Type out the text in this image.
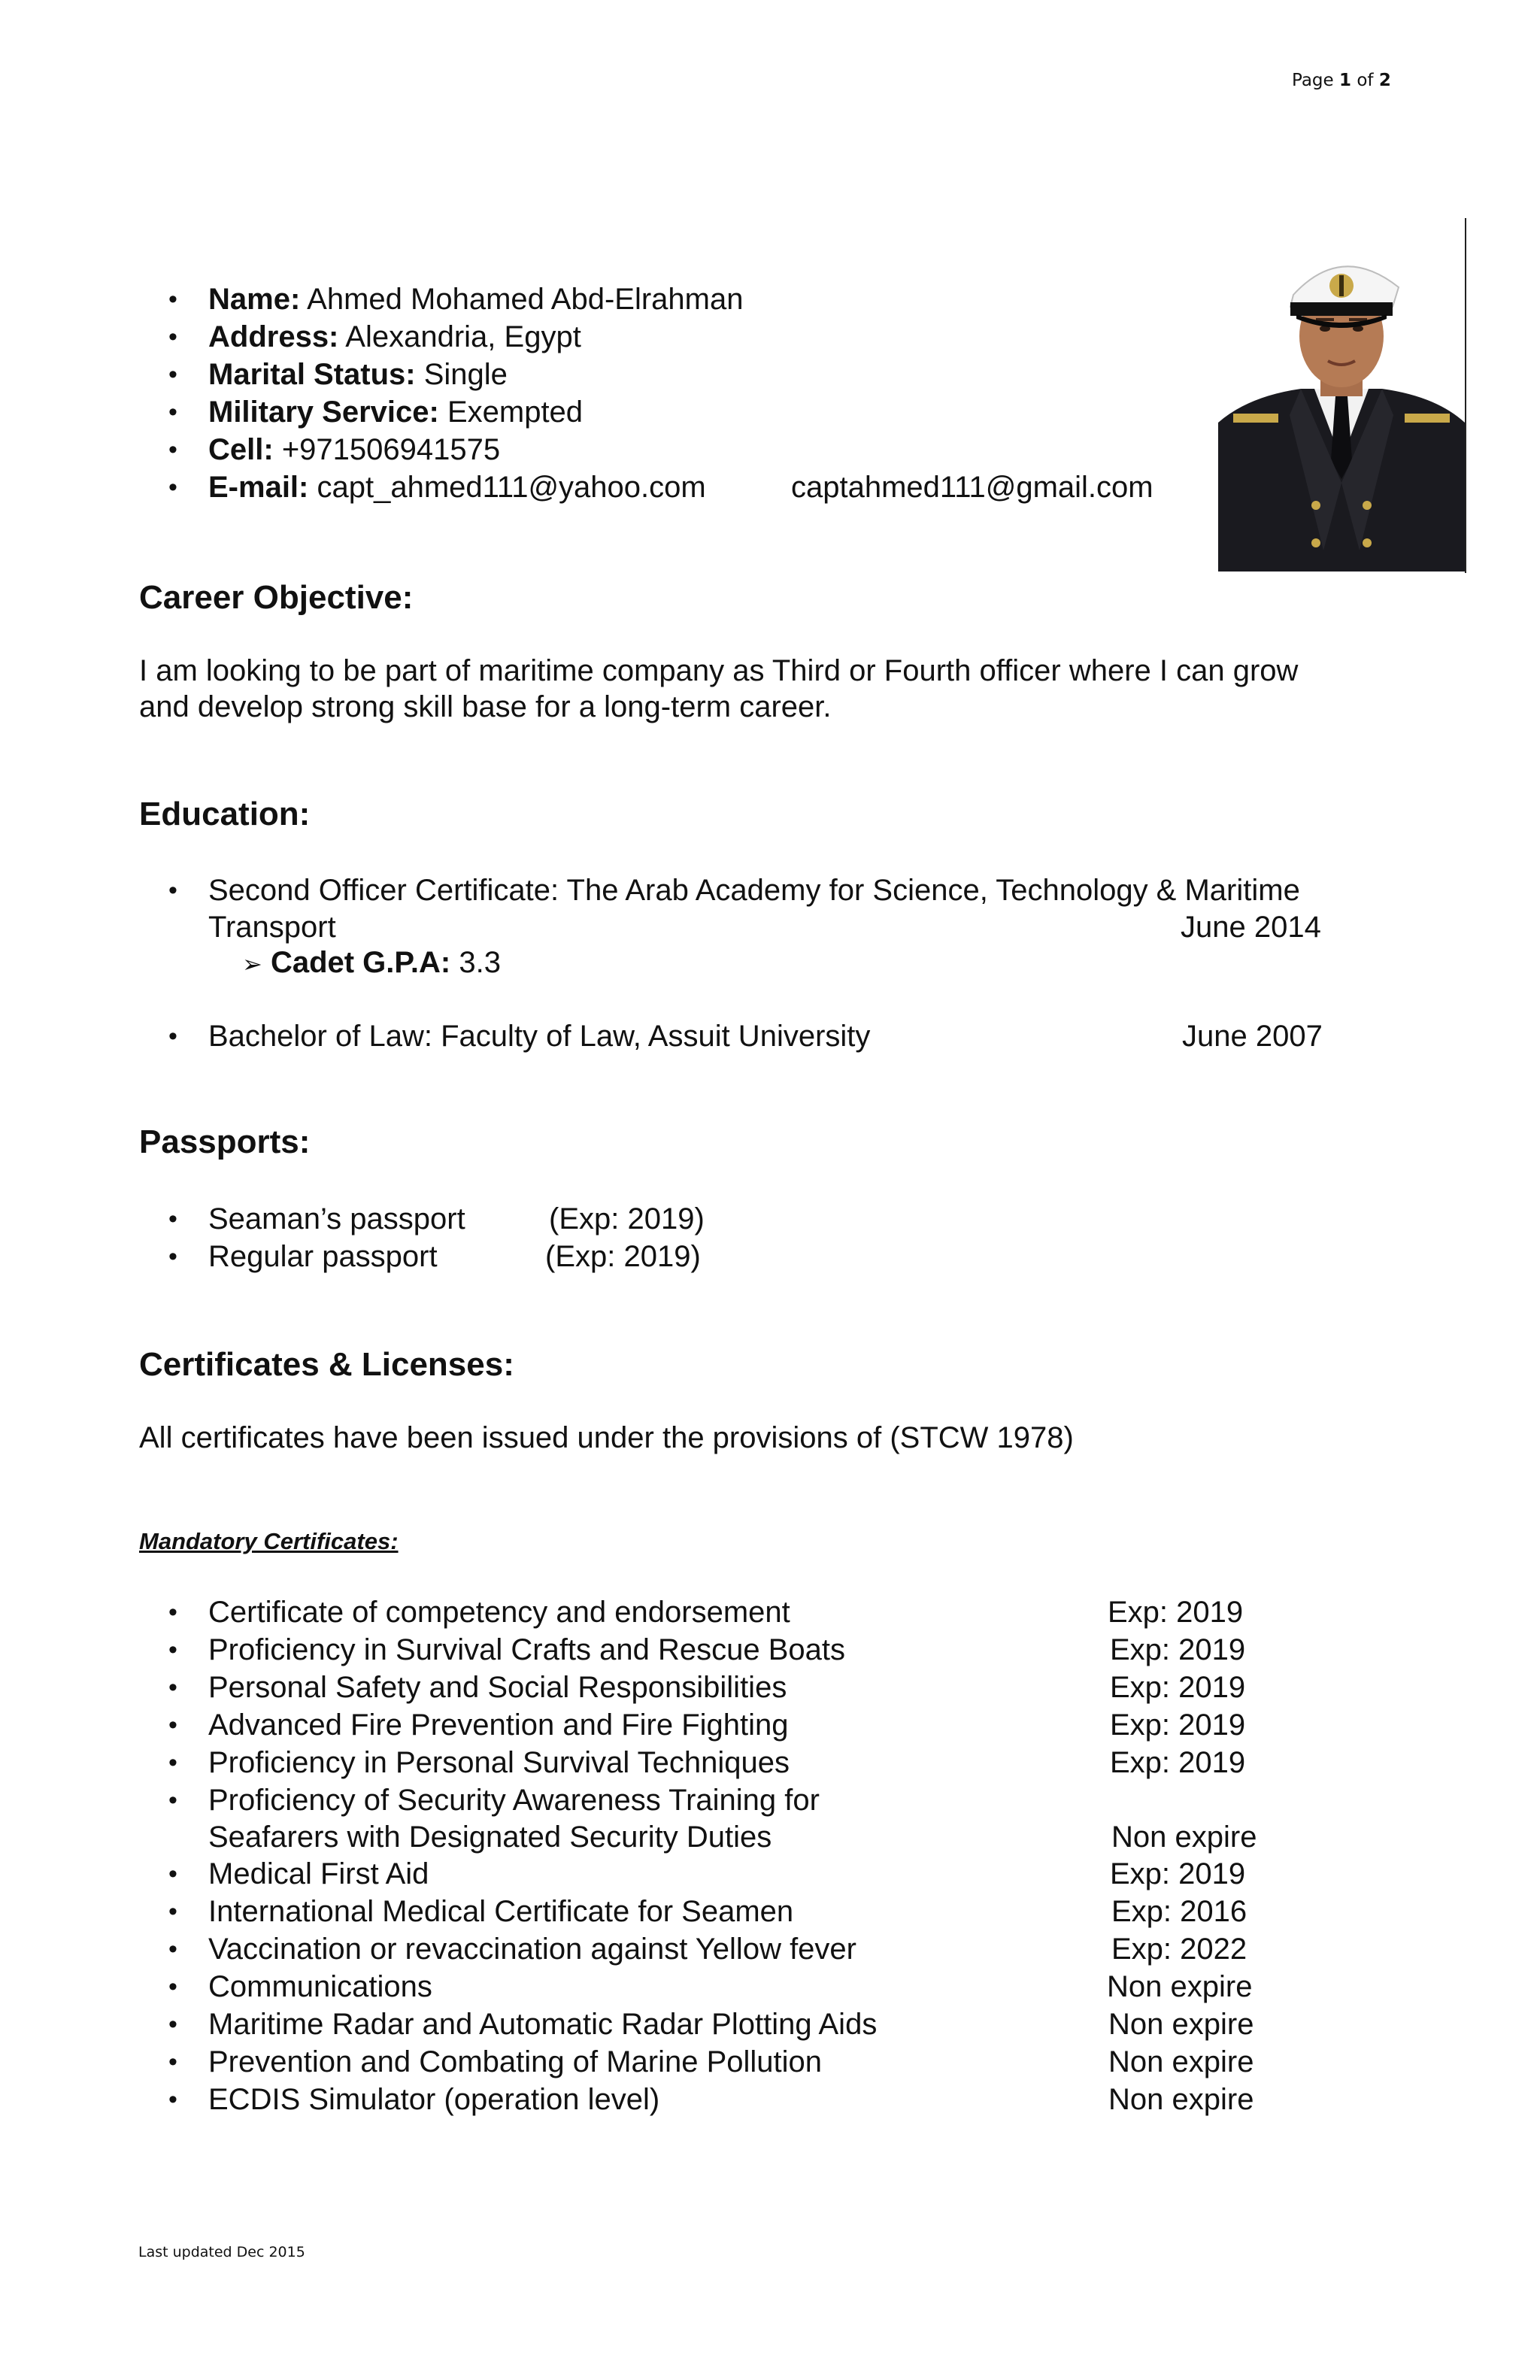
Page 1 of 2
• Name: Ahmed Mohamed Abd-Elrahman
• Address: Alexandria, Egypt
• Marital Status: Single
• Military Service: Exempted
• Cell: +971506941575
• E-mail: capt_ahmed111@yahoo.com	captahmed111@gmail.com
Career Objective:
I am looking to be part of maritime company as Third or Fourth officer where I can grow
and develop strong skill base for a long-term career.
Education:
• Second Officer Certificate: The Arab Academy for Science, Technology & Maritime
Transport	June 2014
➢ Cadet G.P.A: 3.3
• Bachelor of Law: Faculty of Law, Assuit University	June 2007
Passports:
• Seaman’s passport	(Exp: 2019)
• Regular passport	(Exp: 2019)
Certificates & Licenses:
All certificates have been issued under the provisions of (STCW 1978)
Mandatory Certificates:
• Certificate of competency and endorsement	Exp: 2019
• Proficiency in Survival Crafts and Rescue Boats	Exp: 2019
• Personal Safety and Social Responsibilities	Exp: 2019
• Advanced Fire Prevention and Fire Fighting	Exp: 2019
• Proficiency in Personal Survival Techniques	Exp: 2019
• Proficiency of Security Awareness Training for
Seafarers with Designated Security Duties	Non expire
• Medical First Aid	Exp: 2019
• International Medical Certificate for Seamen	Exp: 2016
• Vaccination or revaccination against Yellow fever	Exp: 2022
• Communications	Non expire
• Maritime Radar and Automatic Radar Plotting Aids	Non expire
• Prevention and Combating of Marine Pollution	Non expire
• ECDIS Simulator (operation level)	Non expire
Last updated Dec 2015
